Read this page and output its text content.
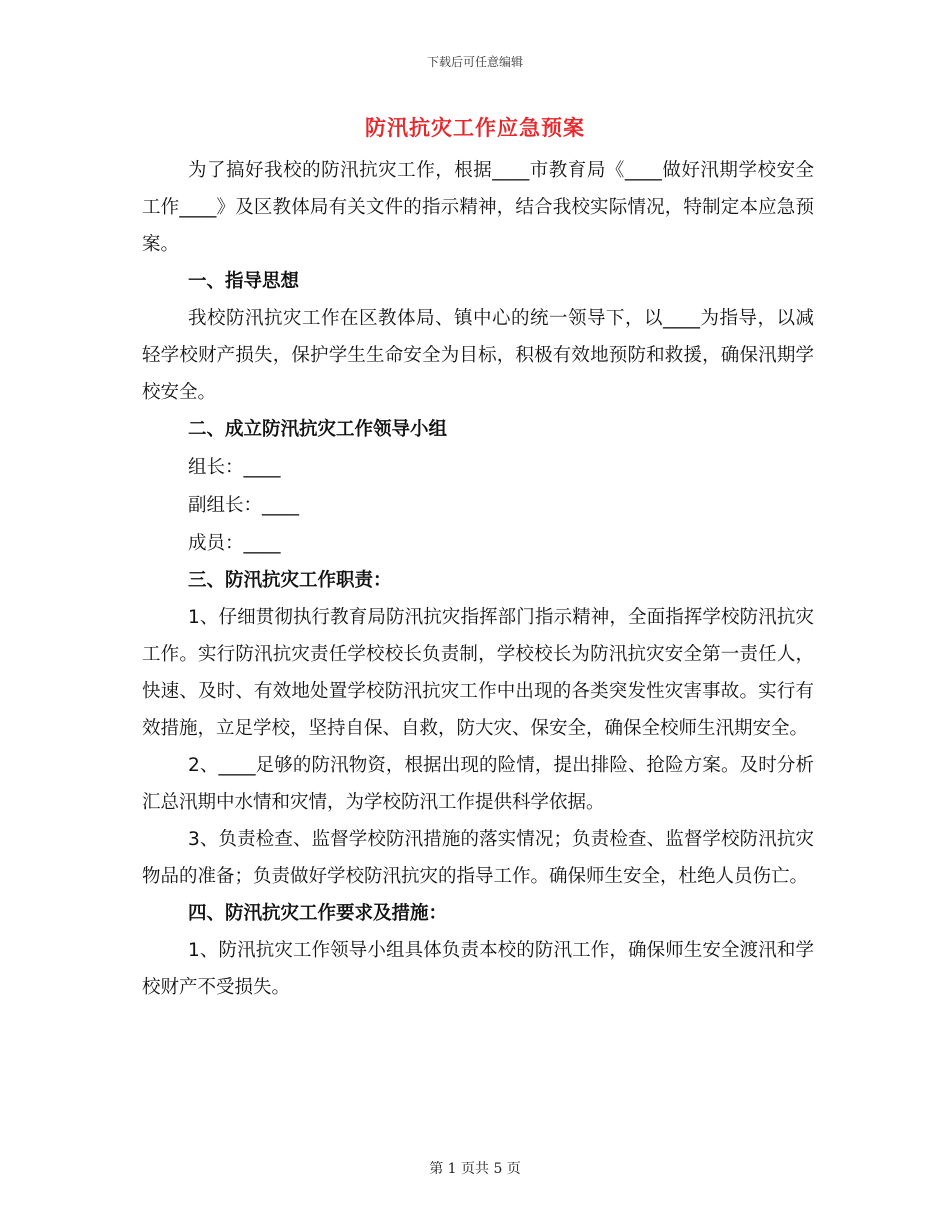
下载后可任意编辑
防汛抗灾工作应急预案

为了搞好我校的防汛抗灾工作，根据____市教育局《____做好汛期学校安全工作____》及区教体局有关文件的指示精神，结合我校实际情况，特制定本应急预案。

一、指导思想

我校防汛抗灾工作在区教体局、镇中心的统一领导下，以____为指导，以减轻学校财产损失，保护学生生命安全为目标，积极有效地预防和救援，确保汛期学校安全。

二、成立防汛抗灾工作领导小组

组长：____

副组长：____

成员：____

三、防汛抗灾工作职责：

1、仔细贯彻执行教育局防汛抗灾指挥部门指示精神，全面指挥学校防汛抗灾工作。实行防汛抗灾责任学校校长负责制，学校校长为防汛抗灾安全第一责任人，快速、及时、有效地处置学校防汛抗灾工作中出现的各类突发性灾害事故。实行有效措施，立足学校，坚持自保、自救，防大灾、保安全，确保全校师生汛期安全。

2、____足够的防汛物资，根据出现的险情，提出排险、抢险方案。及时分析汇总汛期中水情和灾情，为学校防汛工作提供科学依据。

3、负责检查、监督学校防汛措施的落实情况；负责检查、监督学校防汛抗灾物品的准备；负责做好学校防汛抗灾的指导工作。确保师生安全，杜绝人员伤亡。

四、防汛抗灾工作要求及措施：

1、防汛抗灾工作领导小组具体负责本校的防汛工作，确保师生安全渡汛和学校财产不受损失。

第 1 页共 5 页
